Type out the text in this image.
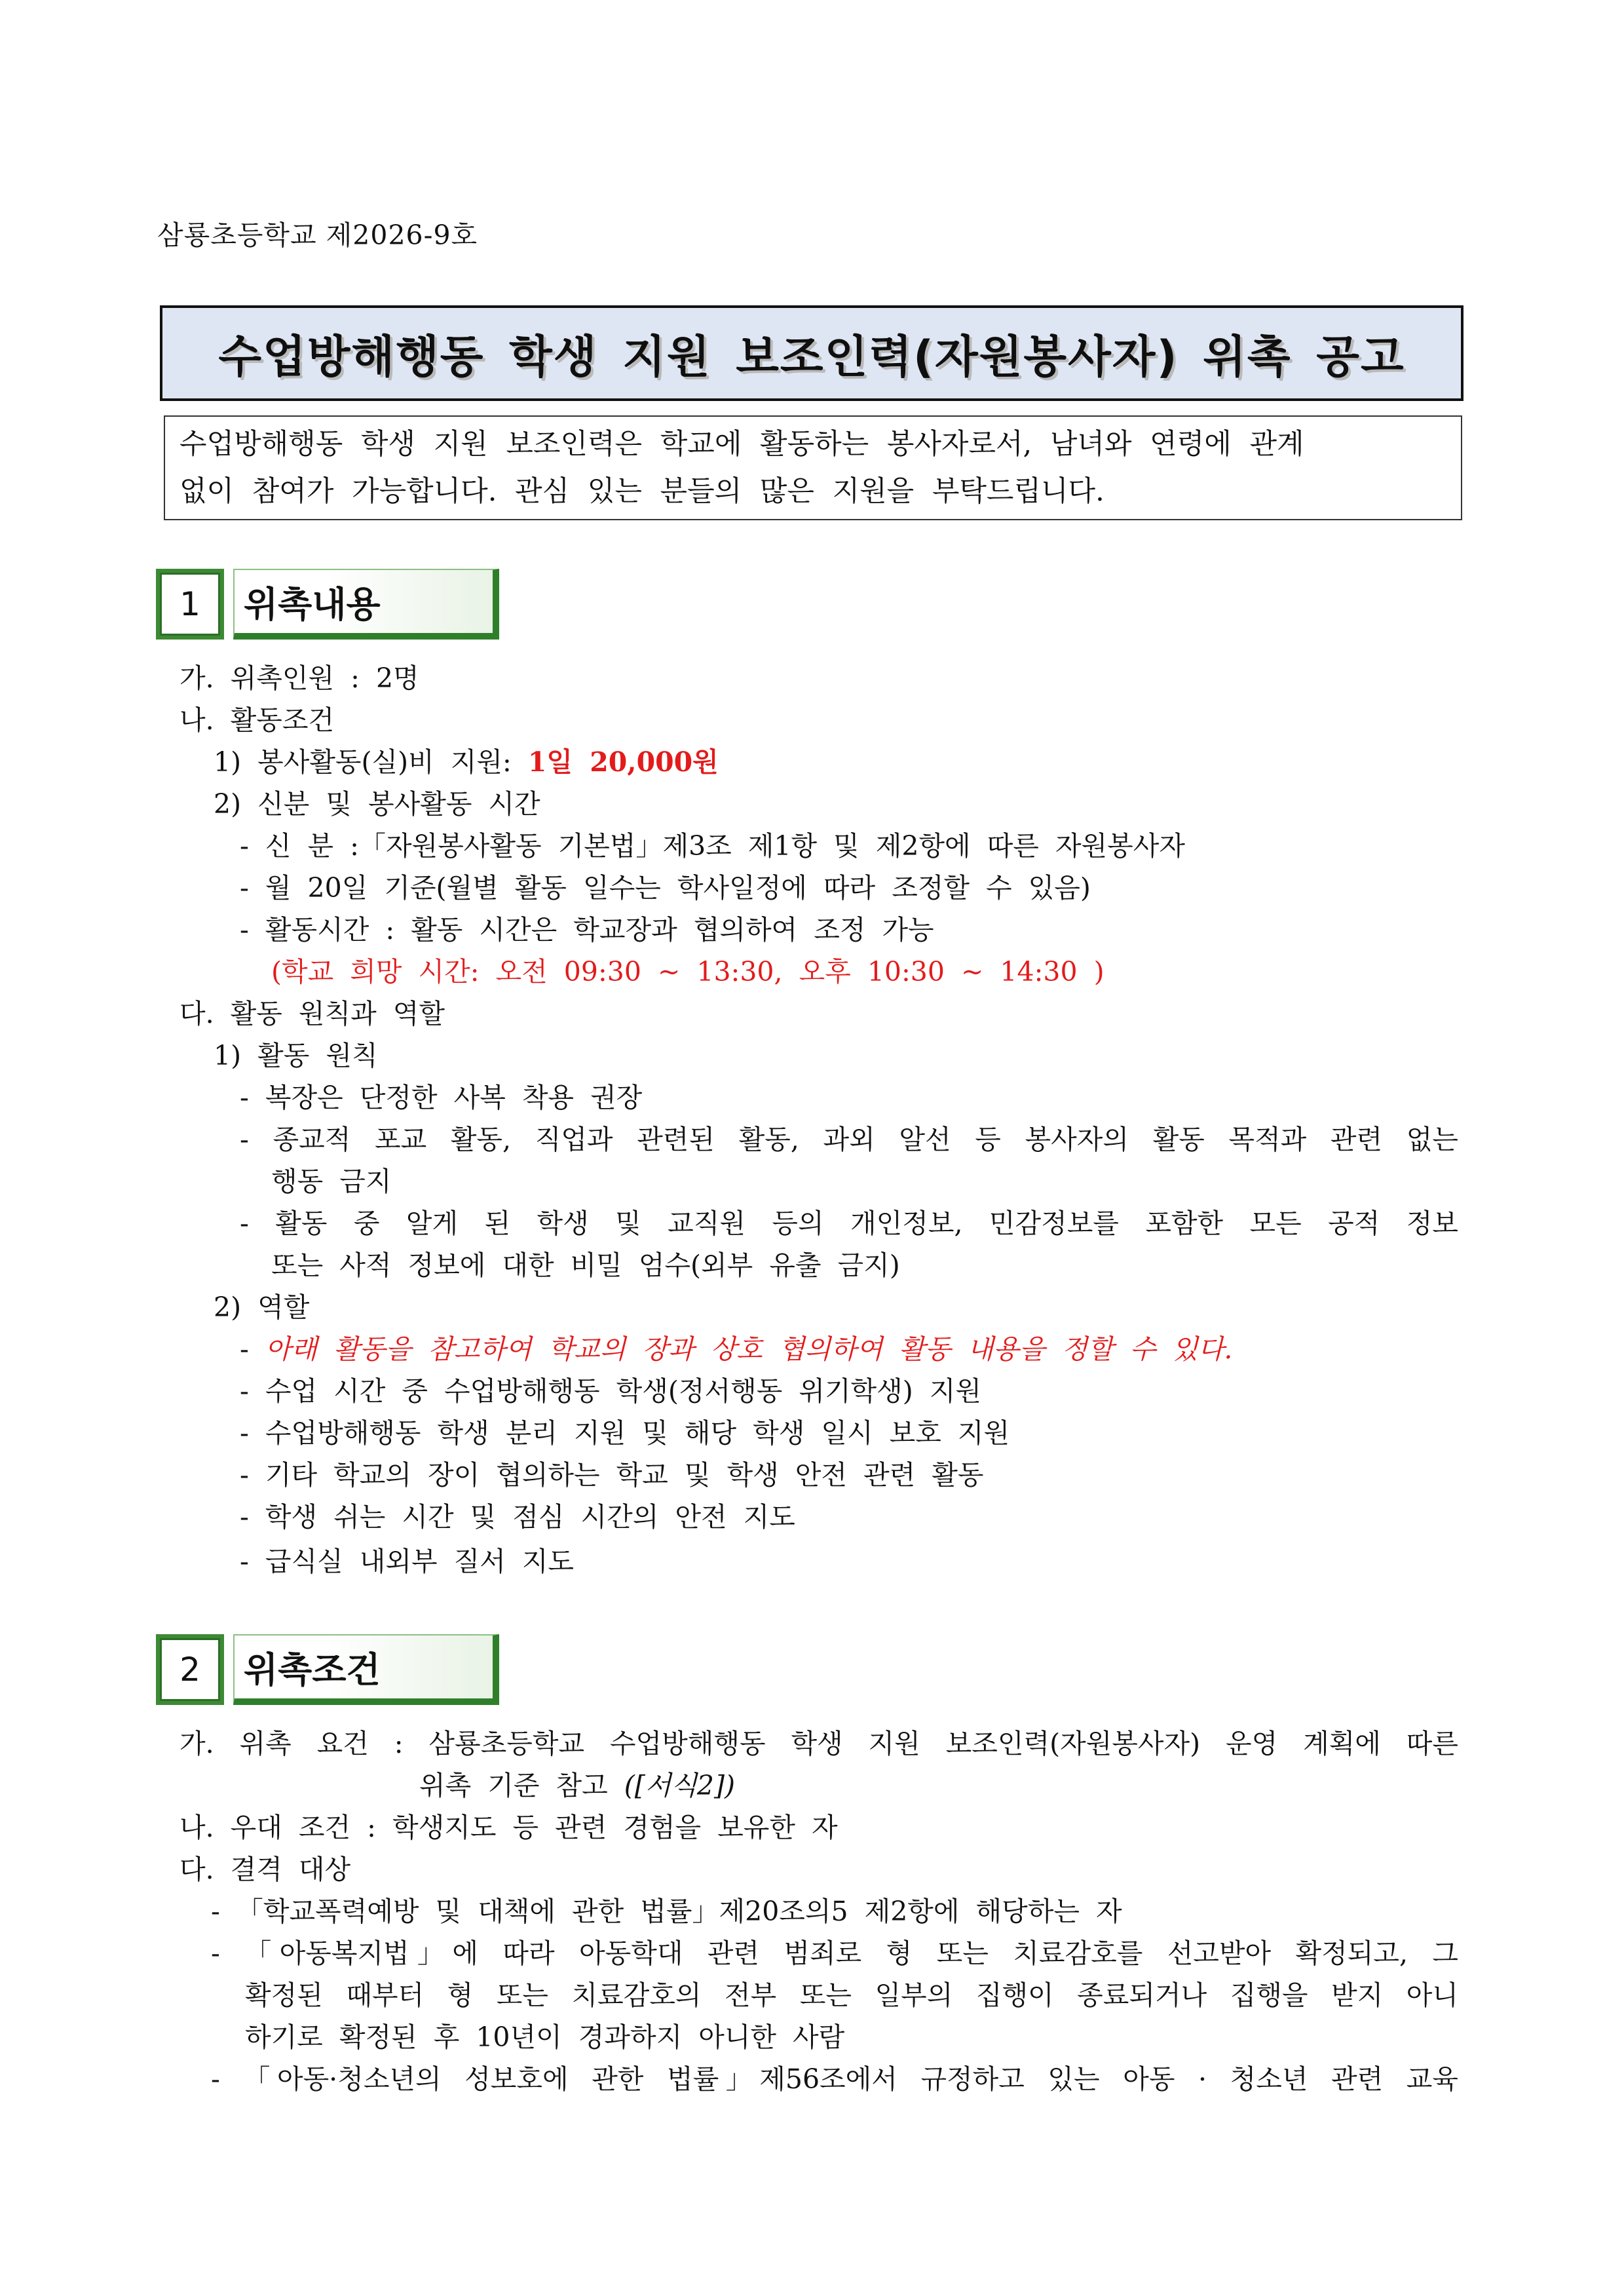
삼룡초등학교 제2026-9호
수업방해행동 학생 지원 보조인력(자원봉사자) 위촉 공고

수업방해행동 학생 지원 보조인력은 학교에 활동하는 봉사자로서, 남녀와 연령에 관계

없이 참여가 가능합니다. 관심 있는 분들의 많은 지원을 부탁드립니다.

1	위촉내용
가. 위촉인원 : 2명
나. 활동조건
1) 봉사활동(실)비 지원: 1일 20,000원
2) 신분 및 봉사활동 시간
- 신 분 :「자원봉사활동 기본법」제3조 제1항 및 제2항에 따른 자원봉사자
- 월 20일 기준(월별 활동 일수는 학사일정에 따라 조정할 수 있음)
- 활동시간 : 활동 시간은 학교장과 협의하여 조정 가능
(학교 희망 시간: 오전 09:30 ~ 13:30, 오후 10:30 ~ 14:30 )
다. 활동 원칙과 역할
1) 활동 원칙
- 복장은 단정한 사복 착용 권장
- 종교적 포교 활동, 직업과 관련된 활동, 과외 알선 등 봉사자의 활동 목적과 관련 없는
행동 금지
- 활동 중 알게 된 학생 및 교직원 등의 개인정보, 민감정보를 포함한 모든 공적 정보
또는 사적 정보에 대한 비밀 엄수(외부 유출 금지)
2) 역할
- 아래 활동을 참고하여 학교의 장과 상호 협의하여 활동 내용을 정할 수 있다.
- 수업 시간 중 수업방해행동 학생(정서행동 위기학생) 지원
- 수업방해행동 학생 분리 지원 및 해당 학생 일시 보호 지원
- 기타 학교의 장이 협의하는 학교 및 학생 안전 관련 활동
- 학생 쉬는 시간 및 점심 시간의 안전 지도
- 급식실 내외부 질서 지도
2	위촉조건
가. 위촉 요건 : 삼룡초등학교 수업방해행동 학생 지원 보조인력(자원봉사자) 운영 계획에 따른
위촉 기준 참고 ([서식2])
나. 우대 조건 : 학생지도 등 관련 경험을 보유한 자
다. 결격 대상
- 「학교폭력예방 및 대책에 관한 법률」제20조의5 제2항에 해당하는 자
- 「아동복지법」에 따라 아동학대 관련 범죄로 형 또는 치료감호를 선고받아 확정되고, 그
확정된 때부터 형 또는 치료감호의 전부 또는 일부의 집행이 종료되거나 집행을 받지 아니
하기로 확정된 후 10년이 경과하지 아니한 사람
- 「아동·청소년의 성보호에 관한 법률」제56조에서 규정하고 있는 아동 · 청소년 관련 교육
